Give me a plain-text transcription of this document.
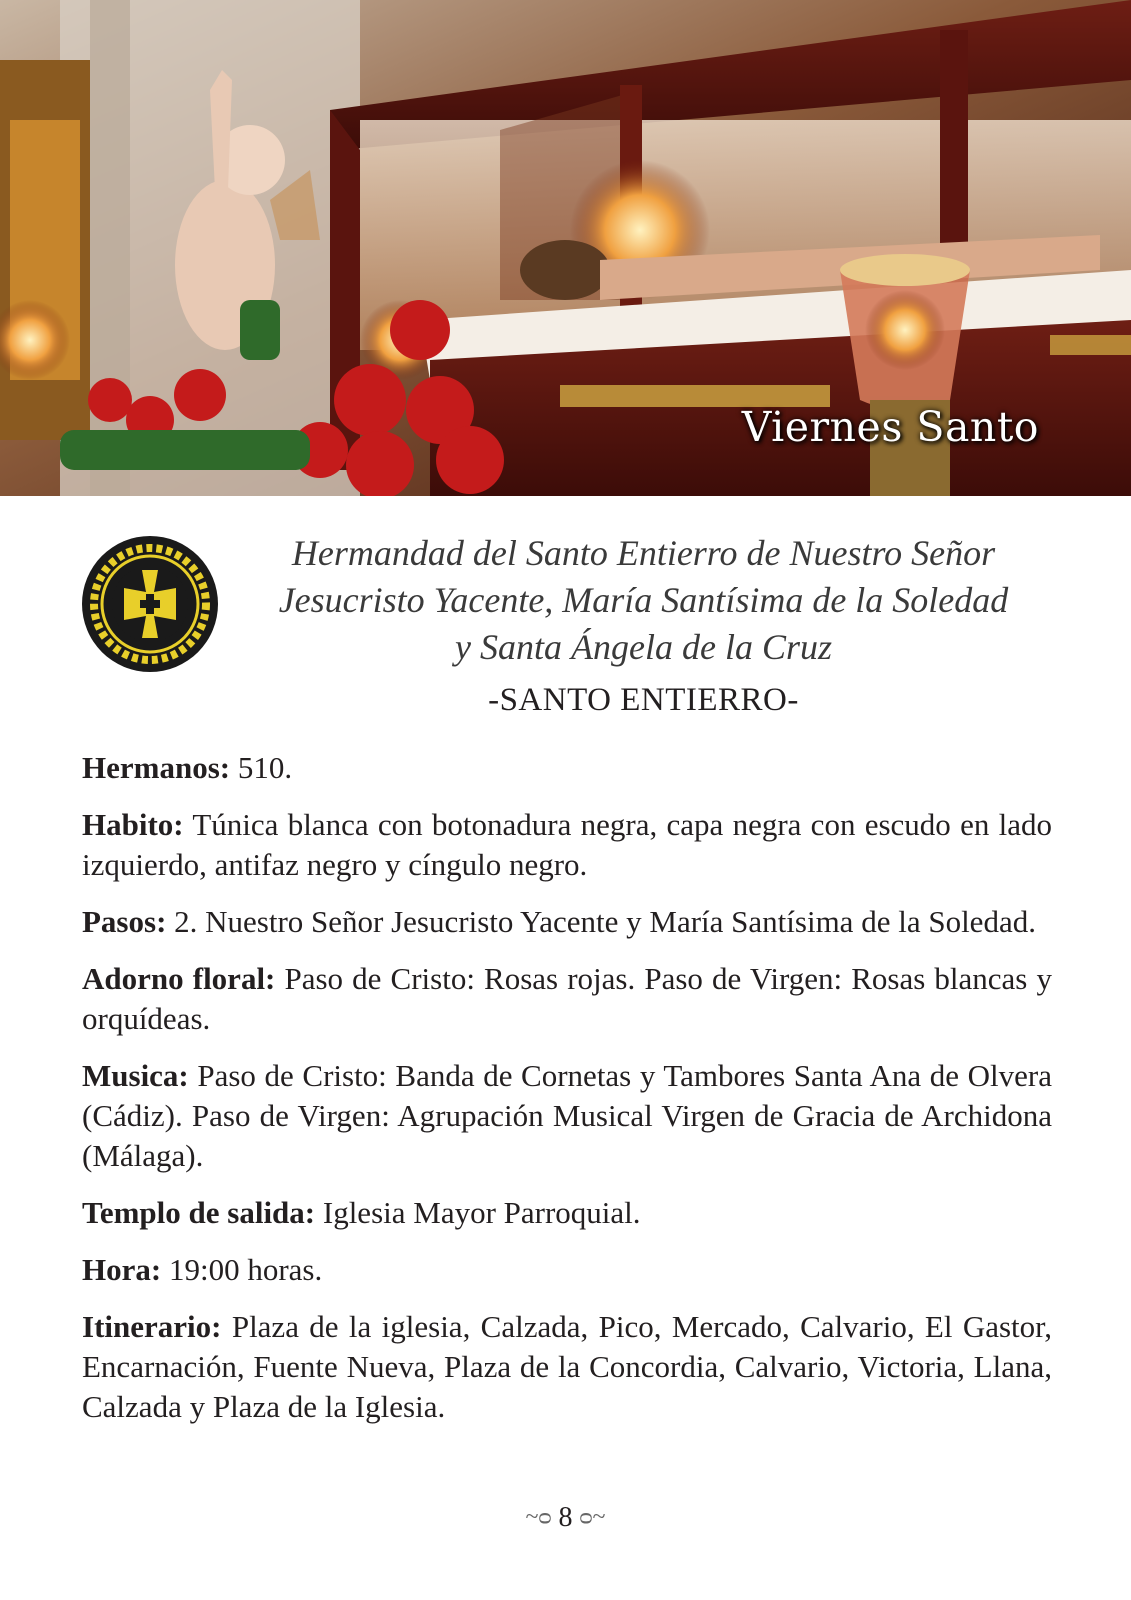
Viernes Santo
Hermandad del Santo Entierro de Nuestro Señor
Jesucristo Yacente, María Santísima de la Soledad
y Santa Ángela de la Cruz
-SANTO ENTIERRO-

Hermanos: 510.

Habito: Túnica blanca con botonadura negra, capa negra con escudo en lado izquierdo, antifaz negro y cíngulo negro.

Pasos: 2. Nuestro Señor Jesucristo Yacente y María Santísima de la Soledad.

Adorno floral: Paso de Cristo: Rosas rojas. Paso de Virgen: Rosas blancas y orquídeas.

Musica: Paso de Cristo: Banda de Cornetas y Tambores Santa Ana de Olvera (Cádiz). Paso de Virgen: Agrupación Musical Virgen de Gracia de Archidona (Málaga).

Templo de salida: Iglesia Mayor Parroquial.

Hora: 19:00 horas.

Itinerario: Plaza de la iglesia, Calzada, Pico, Mercado, Calvario, El Gastor, Encarnación, Fuente Nueva, Plaza de la Concordia, Calvario, Victoria, Llana, Calzada y Plaza de la Iglesia.

~ᴑ 8 ᴑ~
